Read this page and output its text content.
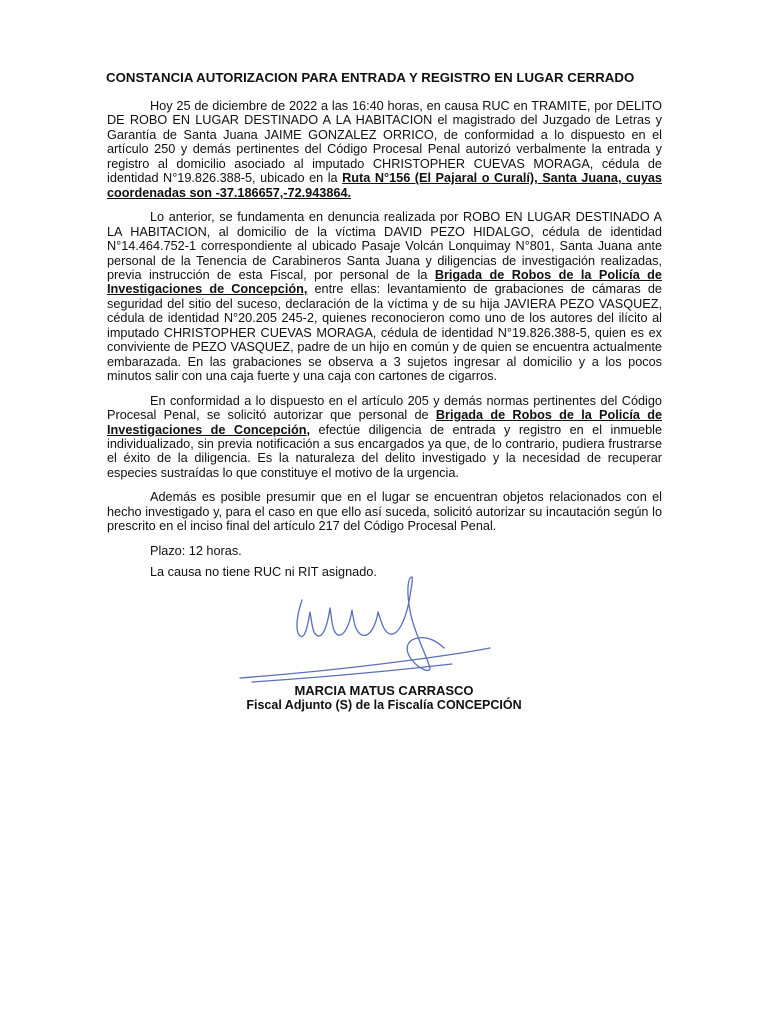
CONSTANCIA AUTORIZACION PARA ENTRADA Y REGISTRO EN LUGAR CERRADO

Hoy 25 de diciembre de 2022 a las 16:40 horas, en causa RUC en TRAMITE, por DELITO DE ROBO EN LUGAR DESTINADO A LA HABITACION el magistrado del Juzgado de Letras y Garantía de Santa Juana JAIME GONZALEZ ORRICO, de conformidad a lo dispuesto en el artículo 250 y demás pertinentes del Código Procesal Penal autorizó verbalmente la entrada y registro al domicilio asociado al imputado CHRISTOPHER CUEVAS MORAGA, cédula de identidad N°19.826.388-5, ubicado en la Ruta N°156 (El Pajaral o Curalí), Santa Juana, cuyas coordenadas son -37.186657,-72.943864.

Lo anterior, se fundamenta en denuncia realizada por ROBO EN LUGAR DESTINADO A LA HABITACION, al domicilio de la víctima DAVID PEZO HIDALGO, cédula de identidad N°14.464.752-1 correspondiente al ubicado Pasaje Volcán Lonquimay N°801, Santa Juana ante personal de la Tenencia de Carabineros Santa Juana y diligencias de investigación realizadas, previa instrucción de esta Fiscal, por personal de la Brigada de Robos de la Policía de Investigaciones de Concepción, entre ellas: levantamiento de grabaciones de cámaras de seguridad del sitio del suceso, declaración de la víctima y de su hija JAVIERA PEZO VASQUEZ, cédula de identidad N°20.205 245-2, quienes reconocieron como uno de los autores del ilícito al imputado CHRISTOPHER CUEVAS MORAGA, cédula de identidad N°19.826.388-5, quien es ex conviviente de PEZO VASQUEZ, padre de un hijo en común y de quien se encuentra actualmente embarazada. En las grabaciones se observa a 3 sujetos ingresar al domicilio y a los pocos minutos salir con una caja fuerte y una caja con cartones de cigarros.

En conformidad a lo dispuesto en el artículo 205 y demás normas pertinentes del Código Procesal Penal, se solicitó autorizar que personal de Brigada de Robos de la Policía de Investigaciones de Concepción, efectúe diligencia de entrada y registro en el inmueble individualizado, sin previa notificación a sus encargados ya que, de lo contrario, pudiera frustrarse el éxito de la diligencia. Es la naturaleza del delito investigado y la necesidad de recuperar especies sustraídas lo que constituye el motivo de la urgencia.

Además es posible presumir que en el lugar se encuentran objetos relacionados con el hecho investigado y, para el caso en que ello así suceda, solicitó autorizar su incautación según lo prescrito en el inciso final del artículo 217 del Código Procesal Penal.

Plazo: 12 horas.

La causa no tiene RUC ni RIT asignado.

MARCIA MATUS CARRASCO
Fiscal Adjunto (S) de la Fiscalía CONCEPCIÓN
